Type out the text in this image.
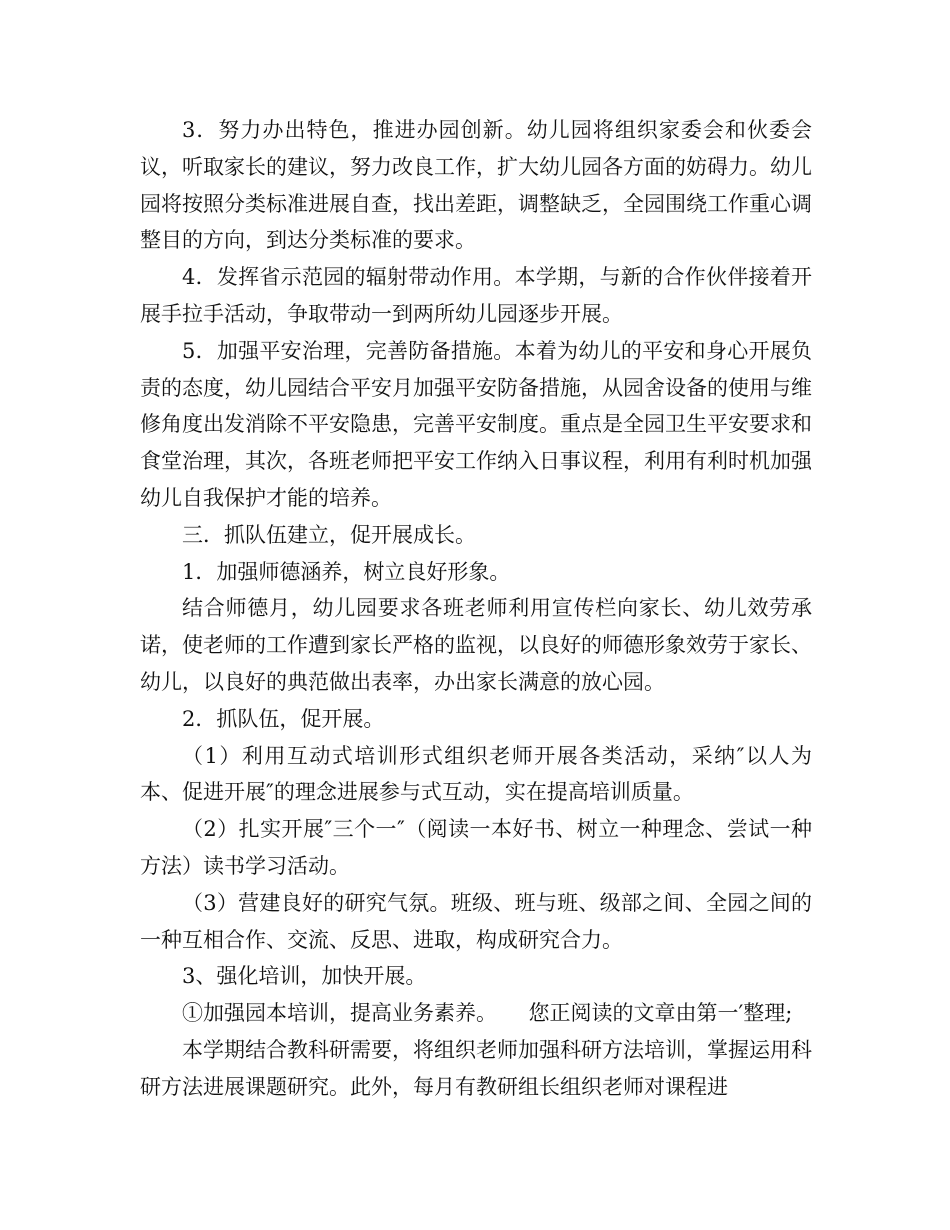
3．努力办出特色，推进办园创新。幼儿园将组织家委会和伙委会议，听取家长的建议，努力改良工作，扩大幼儿园各方面的妨碍力。幼儿园将按照分类标准进展自查，找出差距，调整缺乏，全园围绕工作重心调整目的方向，到达分类标准的要求。

4．发挥省示范园的辐射带动作用。本学期，与新的合作伙伴接着开展手拉手活动，争取带动一到两所幼儿园逐步开展。

5．加强平安治理，完善防备措施。本着为幼儿的平安和身心开展负责的态度，幼儿园结合平安月加强平安防备措施，从园舍设备的使用与维修角度出发消除不平安隐患，完善平安制度。重点是全园卫生平安要求和食堂治理，其次，各班老师把平安工作纳入日事议程，利用有利时机加强幼儿自我保护才能的培养。

三．抓队伍建立，促开展成长。

1．加强师德涵养，树立良好形象。

结合师德月，幼儿园要求各班老师利用宣传栏向家长、幼儿效劳承诺，使老师的工作遭到家长严格的监视，以良好的师德形象效劳于家长、幼儿，以良好的典范做出表率，办出家长满意的放心园。

2．抓队伍，促开展。

（1）利用互动式培训形式组织老师开展各类活动，采纳″以人为本、促进开展″的理念进展参与式互动，实在提高培训质量。

（2）扎实开展″三个一″（阅读一本好书、树立一种理念、尝试一种方法）读书学习活动。

（3）营建良好的研究气氛。班级、班与班、级部之间、全园之间的一种互相合作、交流、反思、进取，构成研究合力。

3、强化培训，加快开展。

①加强园本培训，提高业务素养。　　您正阅读的文章由第一′整理;

本学期结合教科研需要，将组织老师加强科研方法培训，掌握运用科研方法进展课题研究。此外，每月有教研组长组织老师对课程进
